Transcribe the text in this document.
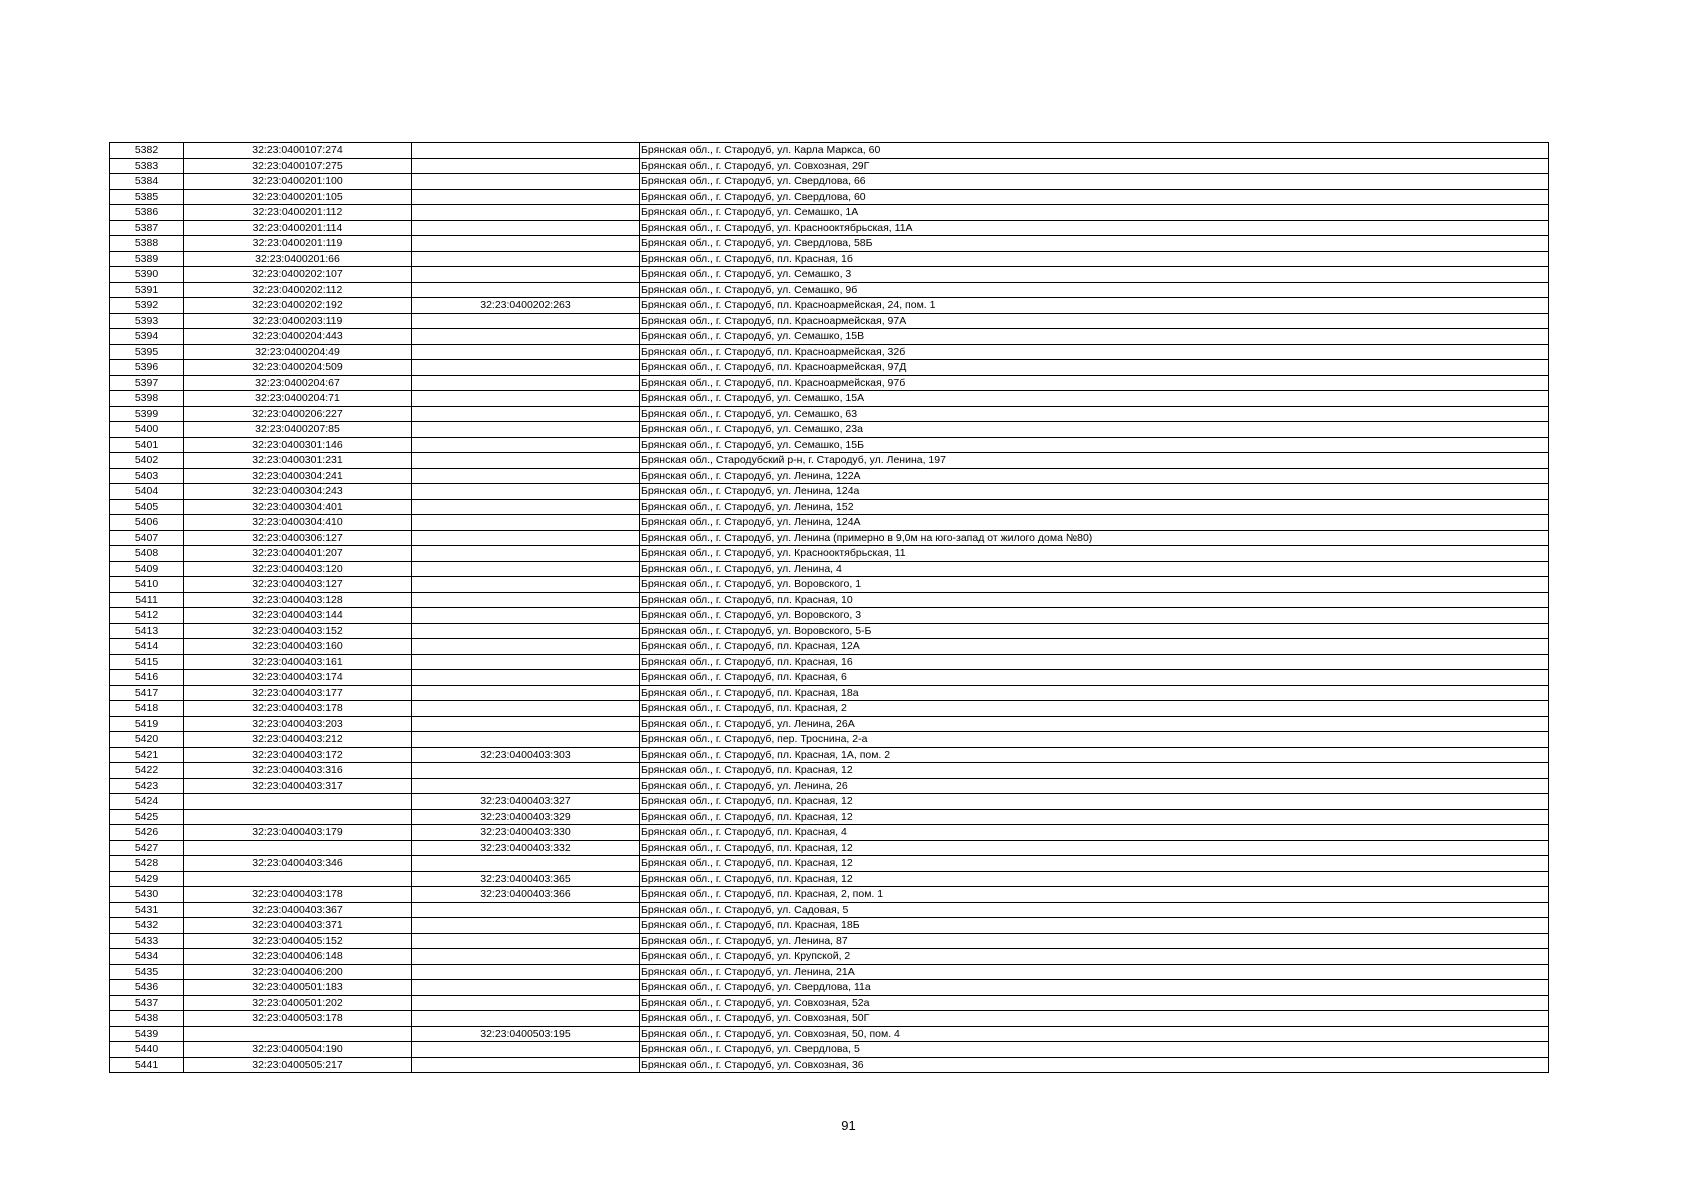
5382	32:23:0400107:274		Брянская обл., г. Стародуб, ул. Карла Маркса, 60
5383	32:23:0400107:275		Брянская обл., г. Стародуб, ул. Совхозная, 29Г
5384	32:23:0400201:100		Брянская обл., г. Стародуб, ул. Свердлова, 66
5385	32:23:0400201:105		Брянская обл., г. Стародуб, ул. Свердлова, 60
5386	32:23:0400201:112		Брянская обл., г. Стародуб, ул. Семашко, 1А
5387	32:23:0400201:114		Брянская обл., г. Стародуб, ул. Краснооктябрьская, 11А
5388	32:23:0400201:119		Брянская обл., г. Стародуб, ул. Свердлова, 58Б
5389	32:23:0400201:66		Брянская обл., г. Стародуб, пл. Красная, 1б
5390	32:23:0400202:107		Брянская обл., г. Стародуб, ул. Семашко, 3
5391	32:23:0400202:112		Брянская обл., г. Стародуб, ул. Семашко, 9б
5392	32:23:0400202:192	32:23:0400202:263	Брянская обл., г. Стародуб, пл. Красноармейская, 24, пом. 1
5393	32:23:0400203:119		Брянская обл., г. Стародуб, пл. Красноармейская, 97А
5394	32:23:0400204:443		Брянская обл., г. Стародуб, ул. Семашко, 15В
5395	32:23:0400204:49		Брянская обл., г. Стародуб, пл. Красноармейская, 32б
5396	32:23:0400204:509		Брянская обл., г. Стародуб, пл. Красноармейская, 97Д
5397	32:23:0400204:67		Брянская обл., г. Стародуб, пл. Красноармейская, 97б
5398	32:23:0400204:71		Брянская обл., г. Стародуб, ул. Семашко, 15А
5399	32:23:0400206:227		Брянская обл., г. Стародуб, ул. Семашко, 63
5400	32:23:0400207:85		Брянская обл., г. Стародуб, ул. Семашко, 23а
5401	32:23:0400301:146		Брянская обл., г. Стародуб, ул. Семашко, 15Б
5402	32:23:0400301:231		Брянская обл., Стародубский р-н, г. Стародуб, ул. Ленина, 197
5403	32:23:0400304:241		Брянская обл., г. Стародуб, ул. Ленина, 122А
5404	32:23:0400304:243		Брянская обл., г. Стародуб, ул. Ленина, 124а
5405	32:23:0400304:401		Брянская обл., г. Стародуб, ул. Ленина, 152
5406	32:23:0400304:410		Брянская обл., г. Стародуб, ул. Ленина, 124А
5407	32:23:0400306:127		Брянская обл., г. Стародуб, ул. Ленина (примерно в 9,0м на юго-запад от жилого дома №80)
5408	32:23:0400401:207		Брянская обл., г. Стародуб, ул. Краснооктябрьская, 11
5409	32:23:0400403:120		Брянская обл., г. Стародуб, ул. Ленина, 4
5410	32:23:0400403:127		Брянская обл., г. Стародуб, ул. Воровского, 1
5411	32:23:0400403:128		Брянская обл., г. Стародуб, пл. Красная, 10
5412	32:23:0400403:144		Брянская обл., г. Стародуб, ул. Воровского, 3
5413	32:23:0400403:152		Брянская обл., г. Стародуб, ул. Воровского, 5-Б
5414	32:23:0400403:160		Брянская обл., г. Стародуб, пл. Красная, 12А
5415	32:23:0400403:161		Брянская обл., г. Стародуб, пл. Красная, 16
5416	32:23:0400403:174		Брянская обл., г. Стародуб, пл. Красная, 6
5417	32:23:0400403:177		Брянская обл., г. Стародуб, пл. Красная, 18а
5418	32:23:0400403:178		Брянская обл., г. Стародуб, пл. Красная, 2
5419	32:23:0400403:203		Брянская обл., г. Стародуб, ул. Ленина, 26А
5420	32:23:0400403:212		Брянская обл., г. Стародуб, пер. Троснина, 2-а
5421	32:23:0400403:172	32:23:0400403:303	Брянская обл., г. Стародуб, пл. Красная, 1А, пом. 2
5422	32:23:0400403:316		Брянская обл., г. Стародуб, пл. Красная, 12
5423	32:23:0400403:317		Брянская обл., г. Стародуб, ул. Ленина, 26
5424		32:23:0400403:327	Брянская обл., г. Стародуб, пл. Красная, 12
5425		32:23:0400403:329	Брянская обл., г. Стародуб, пл. Красная, 12
5426	32:23:0400403:179	32:23:0400403:330	Брянская обл., г. Стародуб, пл. Красная, 4
5427		32:23:0400403:332	Брянская обл., г. Стародуб, пл. Красная, 12
5428	32:23:0400403:346		Брянская обл., г. Стародуб, пл. Красная, 12
5429		32:23:0400403:365	Брянская обл., г. Стародуб, пл. Красная, 12
5430	32:23:0400403:178	32:23:0400403:366	Брянская обл., г. Стародуб, пл. Красная, 2, пом. 1
5431	32:23:0400403:367		Брянская обл., г. Стародуб, ул. Садовая, 5
5432	32:23:0400403:371		Брянская обл., г. Стародуб, пл. Красная, 18Б
5433	32:23:0400405:152		Брянская обл., г. Стародуб, ул. Ленина, 87
5434	32:23:0400406:148		Брянская обл., г. Стародуб, ул. Крупской, 2
5435	32:23:0400406:200		Брянская обл., г. Стародуб, ул. Ленина, 21А
5436	32:23:0400501:183		Брянская обл., г. Стародуб, ул. Свердлова, 11а
5437	32:23:0400501:202		Брянская обл., г. Стародуб, ул. Совхозная, 52а
5438	32:23:0400503:178		Брянская обл., г. Стародуб, ул. Совхозная, 50Г
5439		32:23:0400503:195	Брянская обл., г. Стародуб, ул. Совхозная, 50, пом. 4
5440	32:23:0400504:190		Брянская обл., г. Стародуб, ул. Свердлова, 5
5441	32:23:0400505:217		Брянская обл., г. Стародуб, ул. Совхозная, 36
91
